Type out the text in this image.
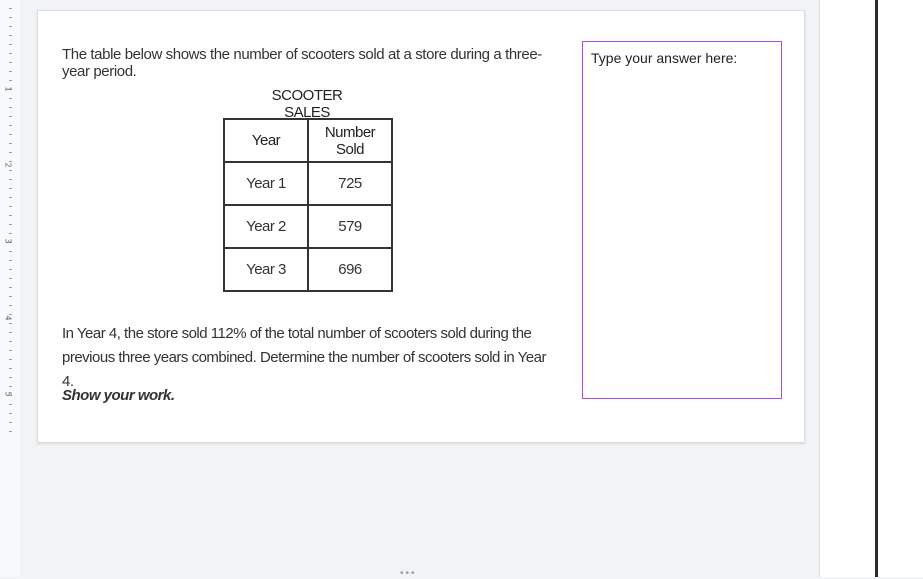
1
2
3
4
5
The table below shows the number of scooters sold at a store during a three-year period.
SCOOTER SALES
Year	Number Sold
Year 1	725
Year 2	579
Year 3	696
In Year 4, the store sold 112% of the total number of scooters sold during the previous three years combined. Determine the number of scooters sold in Year 4.
Show your work.
Type your answer here:
•••
